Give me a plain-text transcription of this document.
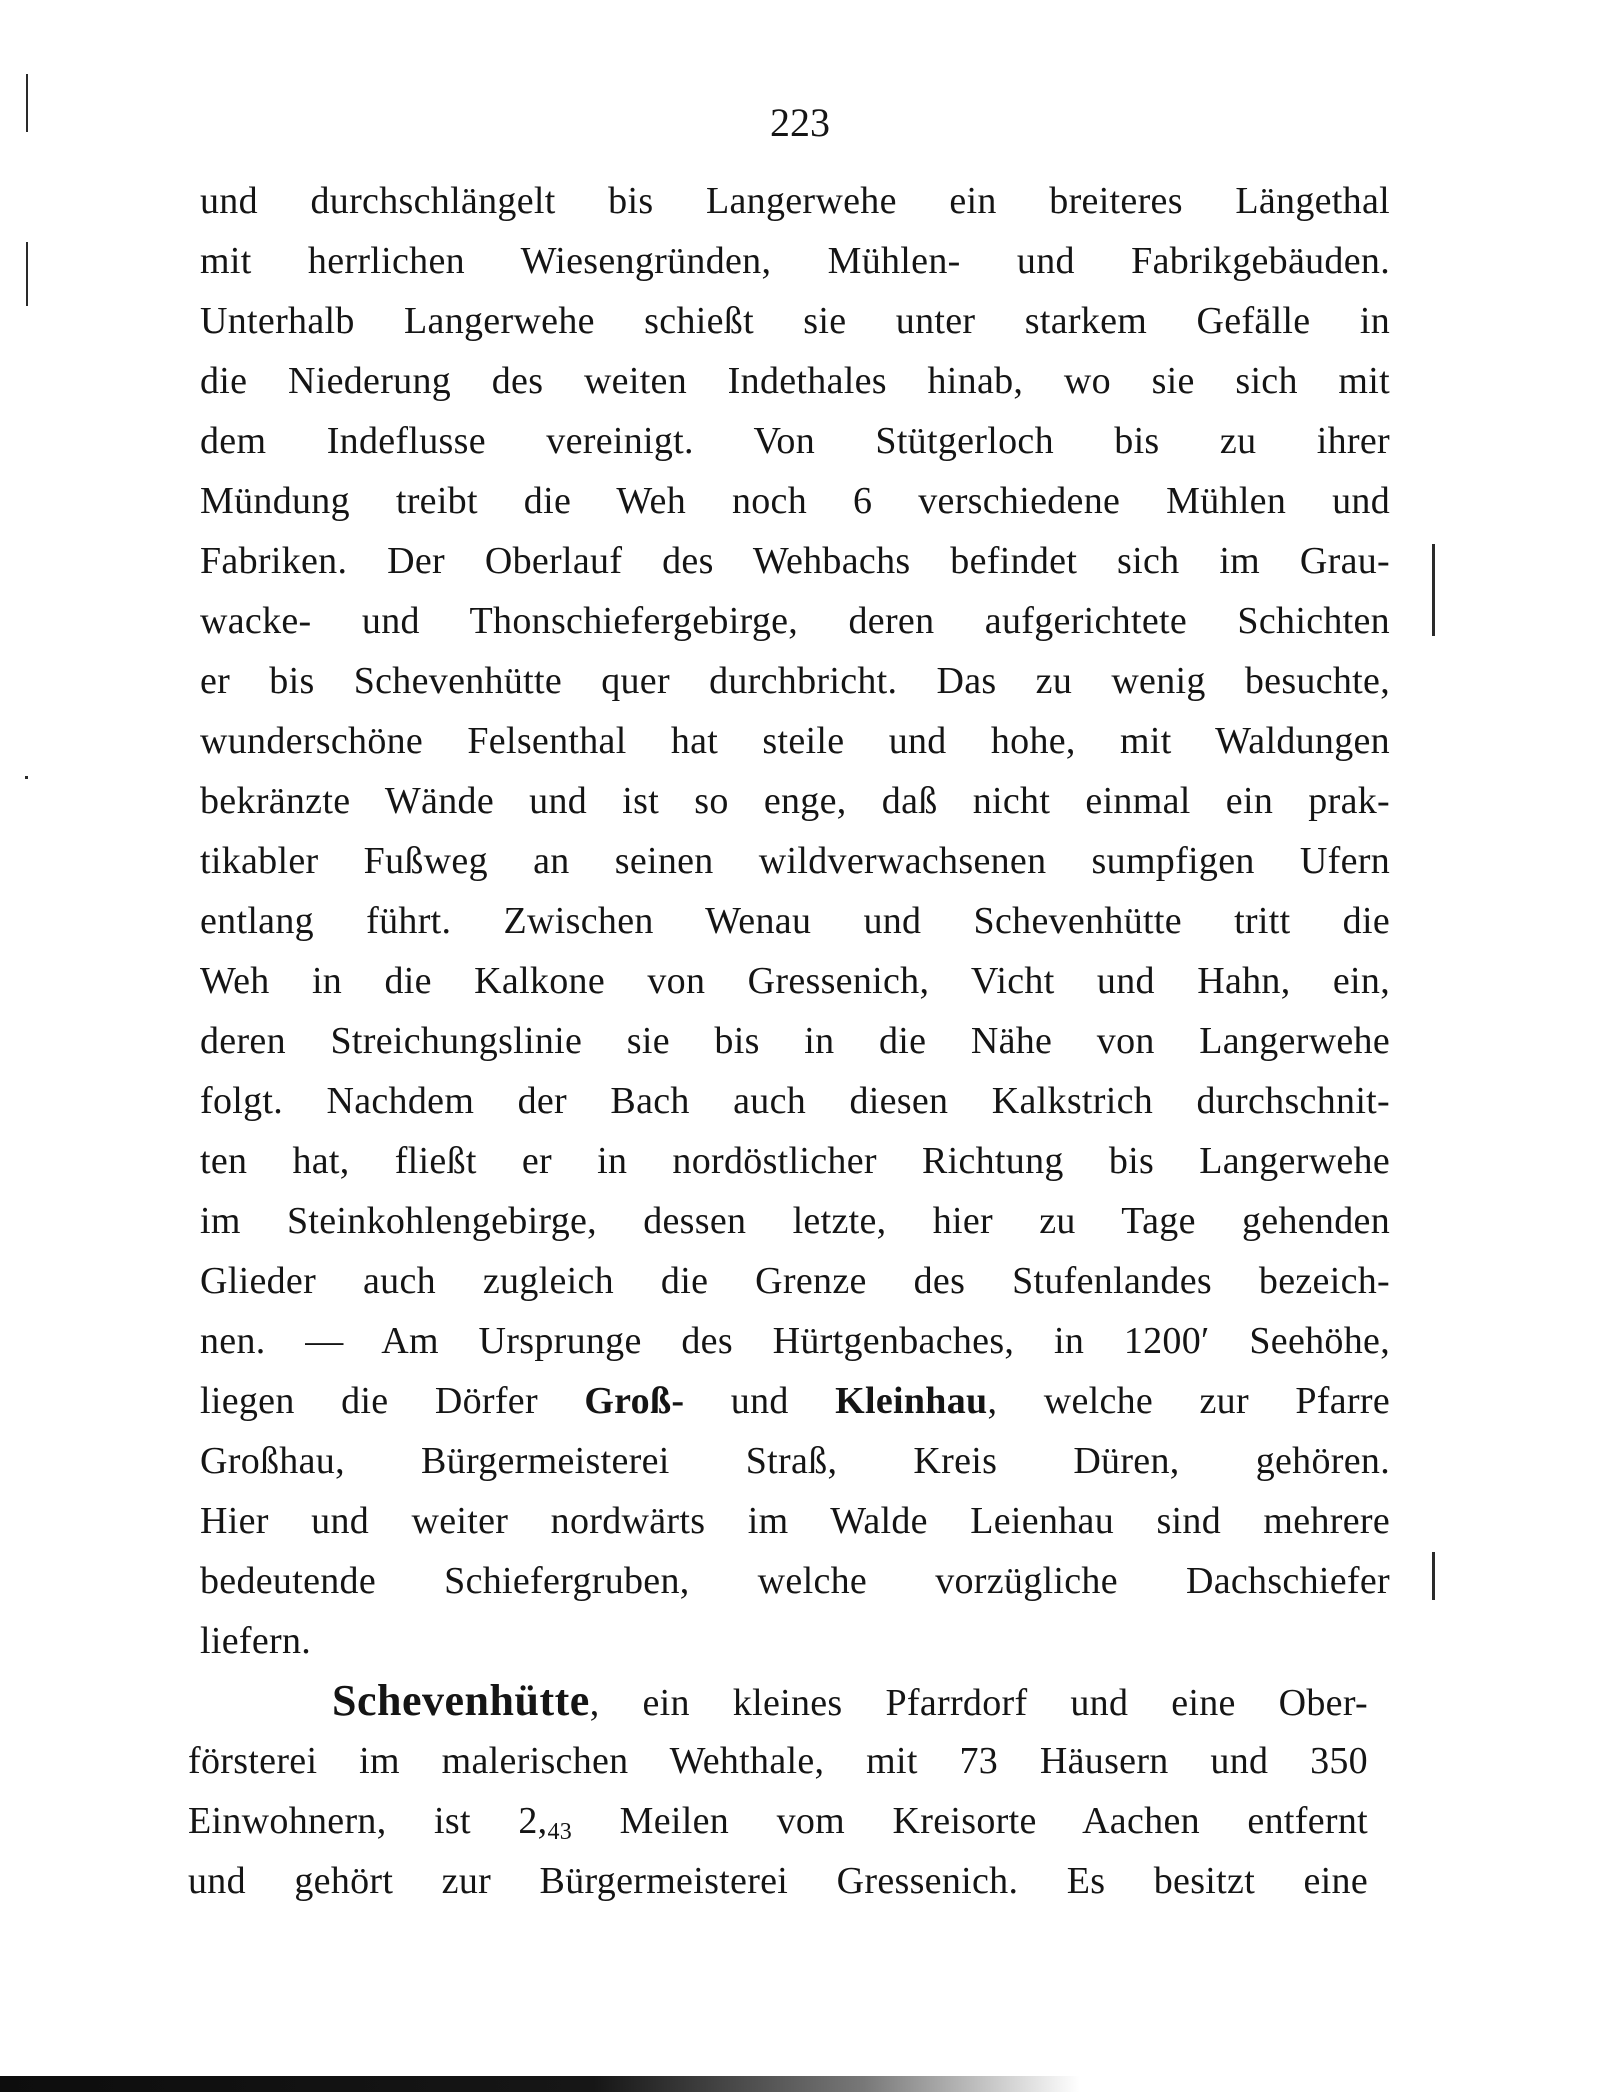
223
und durchschlängelt bis Langerwehe ein breiteres Längethal
mit herrlichen Wiesengründen, Mühlen- und Fabrikgebäuden.
Unterhalb Langerwehe schießt sie unter starkem Gefälle in
die Niederung des weiten Indethales hinab, wo sie sich mit
dem Indeflusse vereinigt. Von Stütgerloch bis zu ihrer
Mündung treibt die Weh noch 6 verschiedene Mühlen und
Fabriken. Der Oberlauf des Wehbachs befindet sich im Grau-
wacke- und Thonschiefergebirge, deren aufgerichtete Schichten
er bis Schevenhütte quer durchbricht. Das zu wenig besuchte,
wunderschöne Felsenthal hat steile und hohe, mit Waldungen
bekränzte Wände und ist so enge, daß nicht einmal ein prak-
tikabler Fußweg an seinen wildverwachsenen sumpfigen Ufern
entlang führt. Zwischen Wenau und Schevenhütte tritt die
Weh in die Kalkone von Gressenich, Vicht und Hahn, ein,
deren Streichungslinie sie bis in die Nähe von Langerwehe
folgt. Nachdem der Bach auch diesen Kalkstrich durchschnit-
ten hat, fließt er in nordöstlicher Richtung bis Langerwehe
im Steinkohlengebirge, dessen letzte, hier zu Tage gehenden
Glieder auch zugleich die Grenze des Stufenlandes bezeich-
nen. — Am Ursprunge des Hürtgenbaches, in 1200′ Seehöhe,
liegen die Dörfer Groß- und Kleinhau, welche zur Pfarre
Großhau, Bürgermeisterei Straß, Kreis Düren, gehören.
Hier und weiter nordwärts im Walde Leienhau sind mehrere
bedeutende Schiefergruben, welche vorzügliche Dachschiefer
liefern.
Schevenhütte, ein kleines Pfarrdorf und eine Ober-
försterei im malerischen Wehthale, mit 73 Häusern und 350
Einwohnern, ist $2,_{43}$ Meilen vom Kreisorte Aachen entfernt
und gehört zur Bürgermeisterei Gressenich. Es besitzt eine
